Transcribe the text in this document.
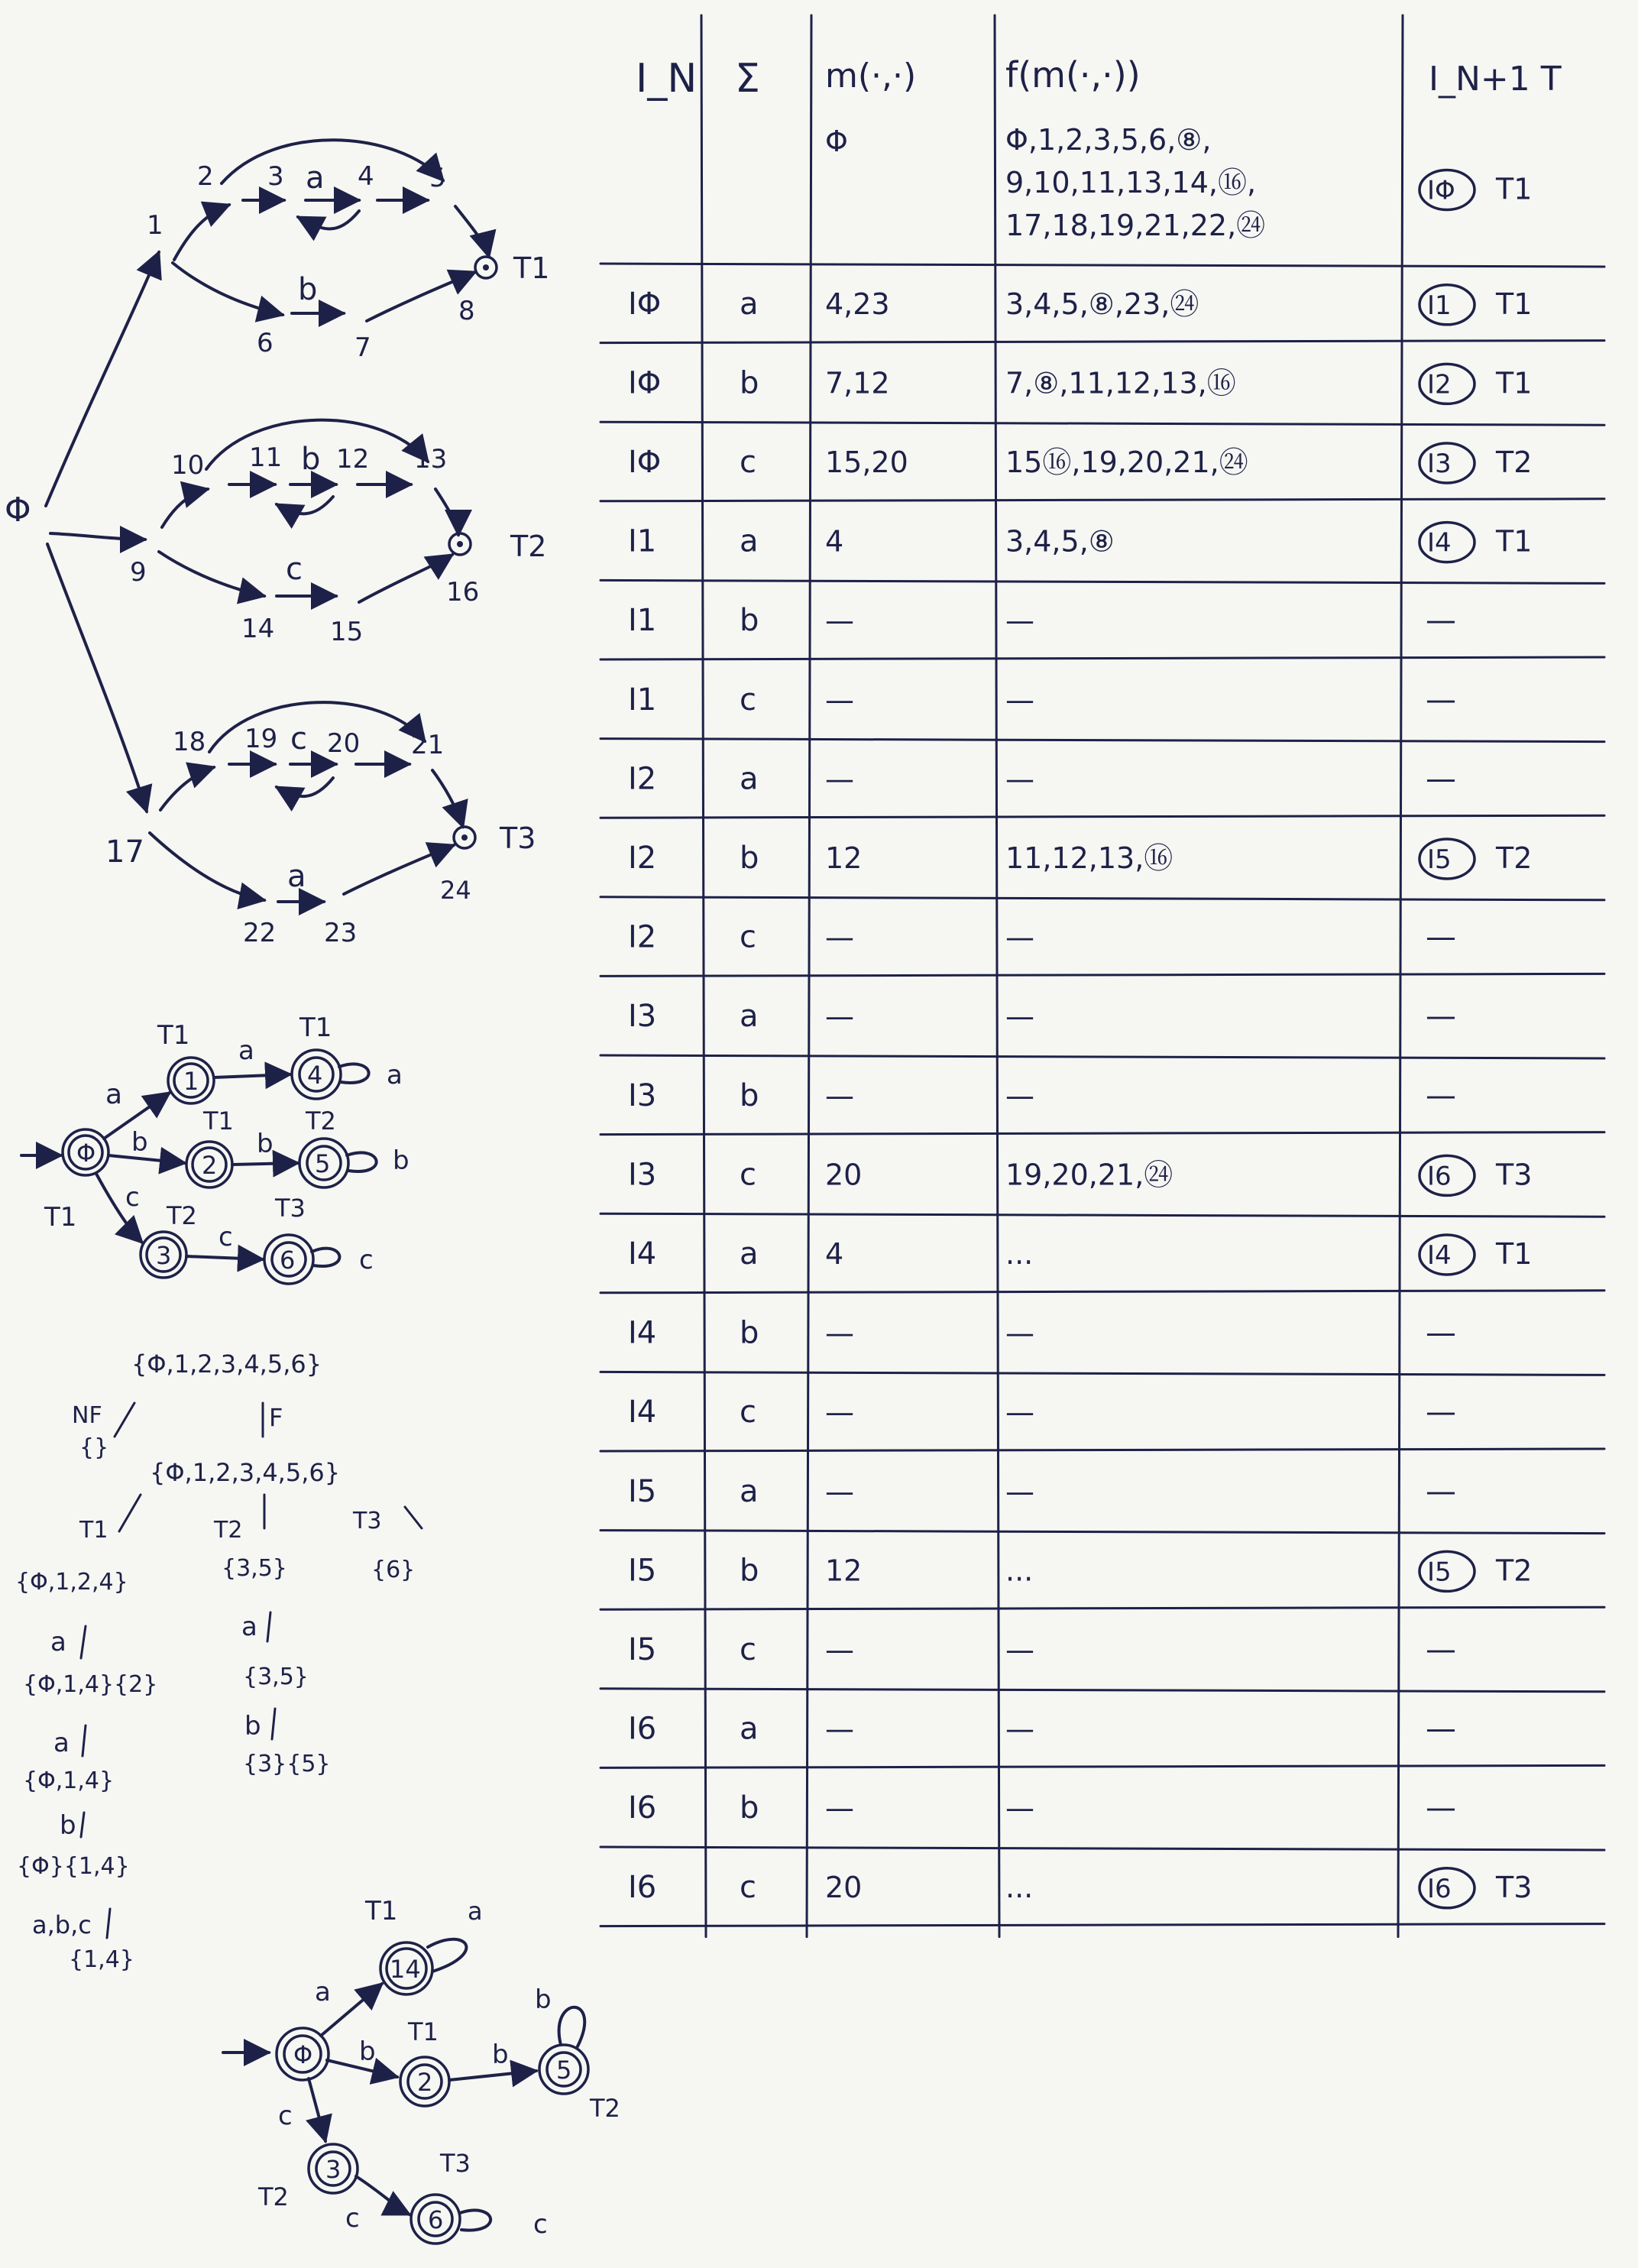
Φ
1
2 3 a 4 5
b
6	7
8
T1
9
10 11 b 12 13
c
14 15
16
T2
17
18 19 c 20 21
a
22 23
24
T3
Φ
T1
1
T1
2
T1
3
T2
4
T1
5
T2
6
T3
a
b
c
a
b
c
a
b
c
{Φ,1,2,3,4,5,6}
NF	F
{}
{Φ,1,2,3,4,5,6}
T1
{Φ,1,2,4}
a
{Φ,1,4}{2}
a
{Φ,1,4}
b
{Φ}{1,4}
a,b,c
{1,4}
T2
{3,5}
a
{3,5}
b
{3}{5}
T3
{6}
Φ
14
T1
2
T1
5
T2
3
T2
6
T3
a
a
b	b
b
c
c	c
I_N Σ m(·,·)	f(m(·,·))	I_N+1 T
Φ	Φ,1,2,3,5,6,⑧,
9,10,11,13,14,⑯,
17,18,19,21,22,㉔
IΦ T1
IΦ	a 4,23	3,4,5,⑧,23,㉔	I1 T1
IΦ	b 7,12	7,⑧,11,12,13,⑯	I2 T1
IΦ	c 15,20	15⑯,19,20,21,㉔	I3 T2
I1	a 4	3,4,5,⑧	I4 T1
I1	b —	—	—
I1	c —	—	—
I2	a —	—	—
I2	b 12	11,12,13,⑯	I5 T2
I2	c —	—	—
I3	a —	—	—
I3	b —	—	—
I3	c 20	19,20,21,㉔	I6 T3
I4	a 4	...	I4 T1
I4	b —	—	—
I4	c —	—	—
I5	a —	—	—
I5	b 12	...	I5 T2
I5	c —	—	—
I6	a —	—	—
I6	b —	—	—
I6	c 20	...	I6 T3
